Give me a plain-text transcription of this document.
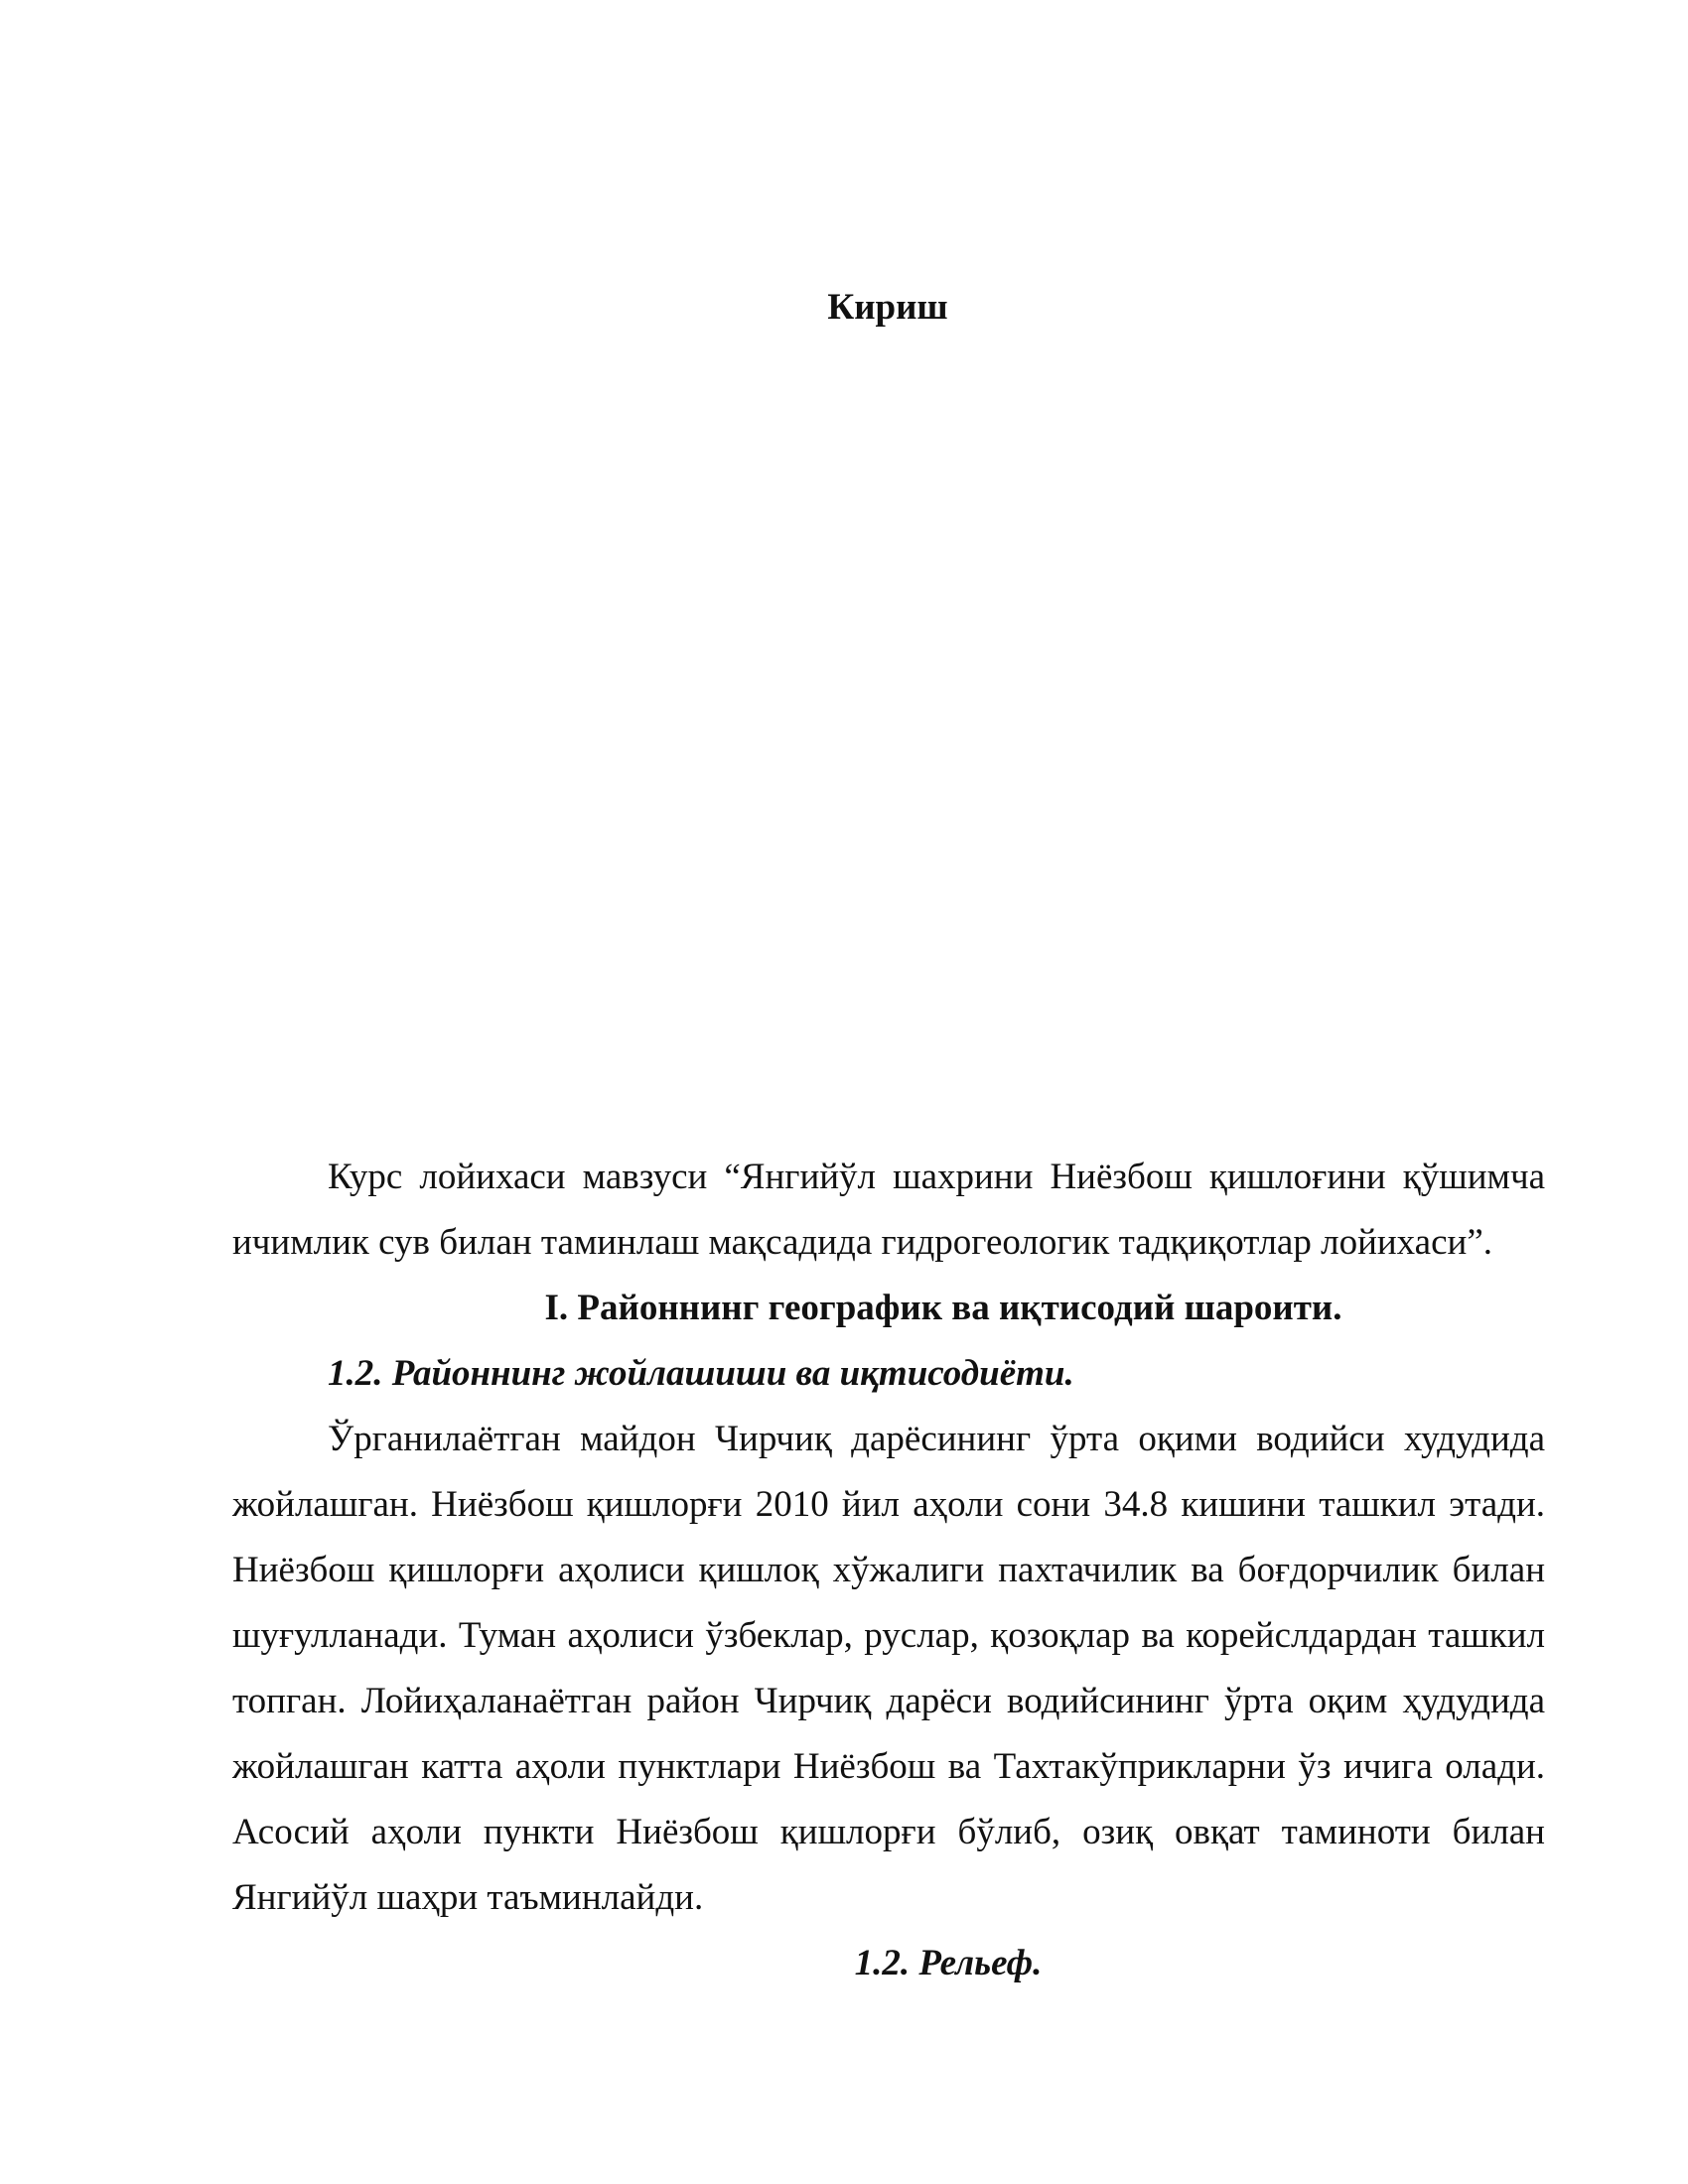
Кириш

Курс лойихаси мавзуси “Янгийўл шахрини Ниёзбош қишлоғини қўшимча ичимлик сув билан таминлаш мақсадида гидрогеологик тадқиқотлар лойихаси”.

I. Районнинг географик ва иқтисодий шароити.

1.2. Районнинг жойлашиши ва иқтисодиёти.

Ўрганилаётган майдон Чирчиқ дарёсининг ўрта оқими водийси худудида жойлашган. Ниёзбош қишлорғи 2010 йил аҳоли сони 34.8 кишини ташкил этади. Ниёзбош қишлорғи аҳолиси қишлоқ хўжалиги пахтачилик ва боғдорчилик билан шуғулланади. Туман аҳолиси ўзбеклар, руслар, қозоқлар ва корейслдардан ташкил топган. Лойиҳаланаётган район Чирчиқ дарёси водийсининг ўрта оқим ҳудудида жойлашган катта аҳоли пунктлари Ниёзбош ва Тахтакўприкларни ўз ичига олади. Асосий аҳоли пункти Ниёзбош қишлорғи бўлиб, озиқ овқат таминоти билан Янгийўл шаҳри таъминлайди.

1.2. Рельеф.
